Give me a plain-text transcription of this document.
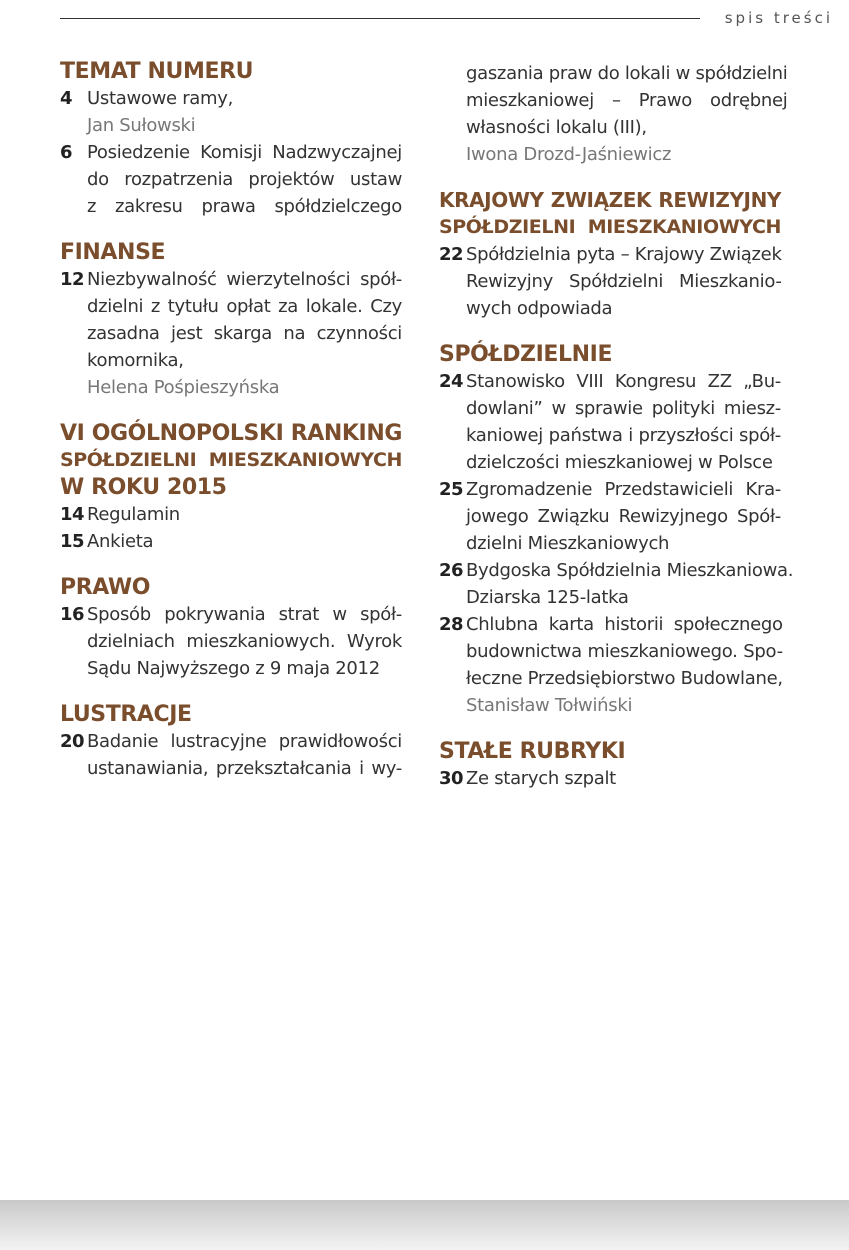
spis treści
TEMAT NUMERU
4 Ustawowe ramy,
Jan Sułowski
6 Posiedzenie Komisji Nadzwyczajnej
do rozpatrzenia projektów ustaw
z zakresu prawa spółdzielczego
FINANSE
12 Niezbywalność wierzytelności spół-
dzielni z tytułu opłat za lokale. Czy
zasadna jest skarga na czynności
komornika,
Helena Pośpieszyńska
VI OGÓLNOPOLSKI RANKING
SPÓŁDZIELNI MIESZKANIOWYCH
W ROKU 2015
14 Regulamin
15 Ankieta
PRAWO
16 Sposób pokrywania strat w spół-
dzielniach mieszkaniowych. Wyrok
Sądu Najwyższego z 9 maja 2012
LUSTRACJE
20 Badanie lustracyjne prawidłowości
ustanawiania, przekształcania i wy-
gaszania praw do lokali w spółdzielni
mieszkaniowej – Prawo odrębnej
własności lokalu (III),
Iwona Drozd-Jaśniewicz
KRAJOWY ZWIĄZEK REWIZYJNY
SPÓŁDZIELNI MIESZKANIOWYCH
22 Spółdzielnia pyta – Krajowy Związek
Rewizyjny Spółdzielni Mieszkanio-
wych odpowiada
SPÓŁDZIELNIE
24 Stanowisko VIII Kongresu ZZ „Bu-
dowlani” w sprawie polityki miesz-
kaniowej państwa i przyszłości spół-
dzielczości mieszkaniowej w Polsce
25 Zgromadzenie Przedstawicieli Kra-
jowego Związku Rewizyjnego Spół-
dzielni Mieszkaniowych
26 Bydgoska Spółdzielnia Mieszkaniowa.
Dziarska 125-latka
28 Chlubna karta historii społecznego
budownictwa mieszkaniowego. Spo-
łeczne Przedsiębiorstwo Budowlane,
Stanisław Tołwiński
STAŁE RUBRYKI
30 Ze starych szpalt
